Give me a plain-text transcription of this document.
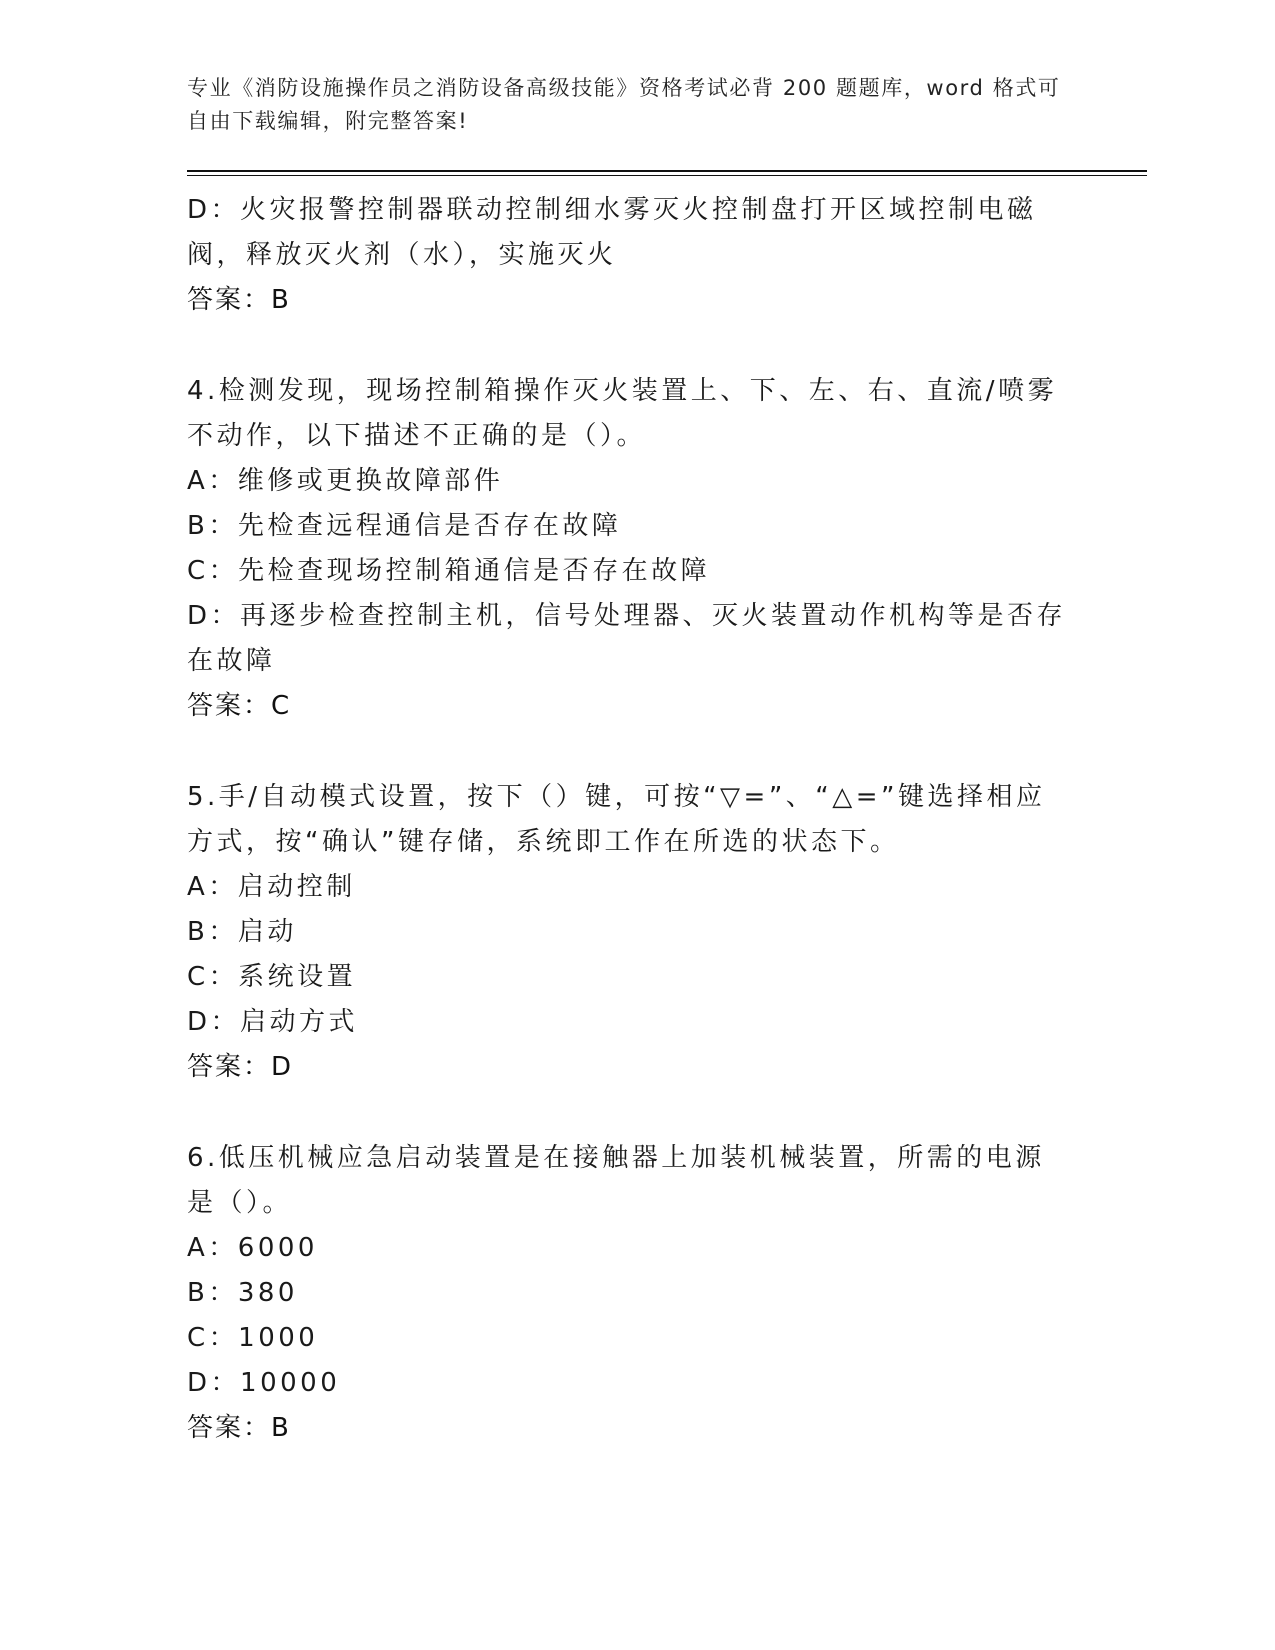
专业《消防设施操作员之消防设备高级技能》资格考试必背 200 题题库，word 格式可自由下载编辑，附完整答案!
D：火灾报警控制器联动控制细水雾灭火控制盘打开区域控制电磁阀，释放灭火剂（水），实施灭火
答案：B
4.检测发现，现场控制箱操作灭火装置上、下、左、右、直流/喷雾不动作，以下描述不正确的是（）。
A：维修或更换故障部件
B：先检查远程通信是否存在故障
C：先检查现场控制箱通信是否存在故障
D：再逐步检查控制主机，信号处理器、灭火装置动作机构等是否存在故障
答案：C
5.手/自动模式设置，按下（）键，可按“▽=”、“△=”键选择相应方式，按“确认”键存储，系统即工作在所选的状态下。
A：启动控制
B：启动
C：系统设置
D：启动方式
答案：D
6.低压机械应急启动装置是在接触器上加装机械装置，所需的电源是（）。
A：6000
B：380
C：1000
D：10000
答案：B
